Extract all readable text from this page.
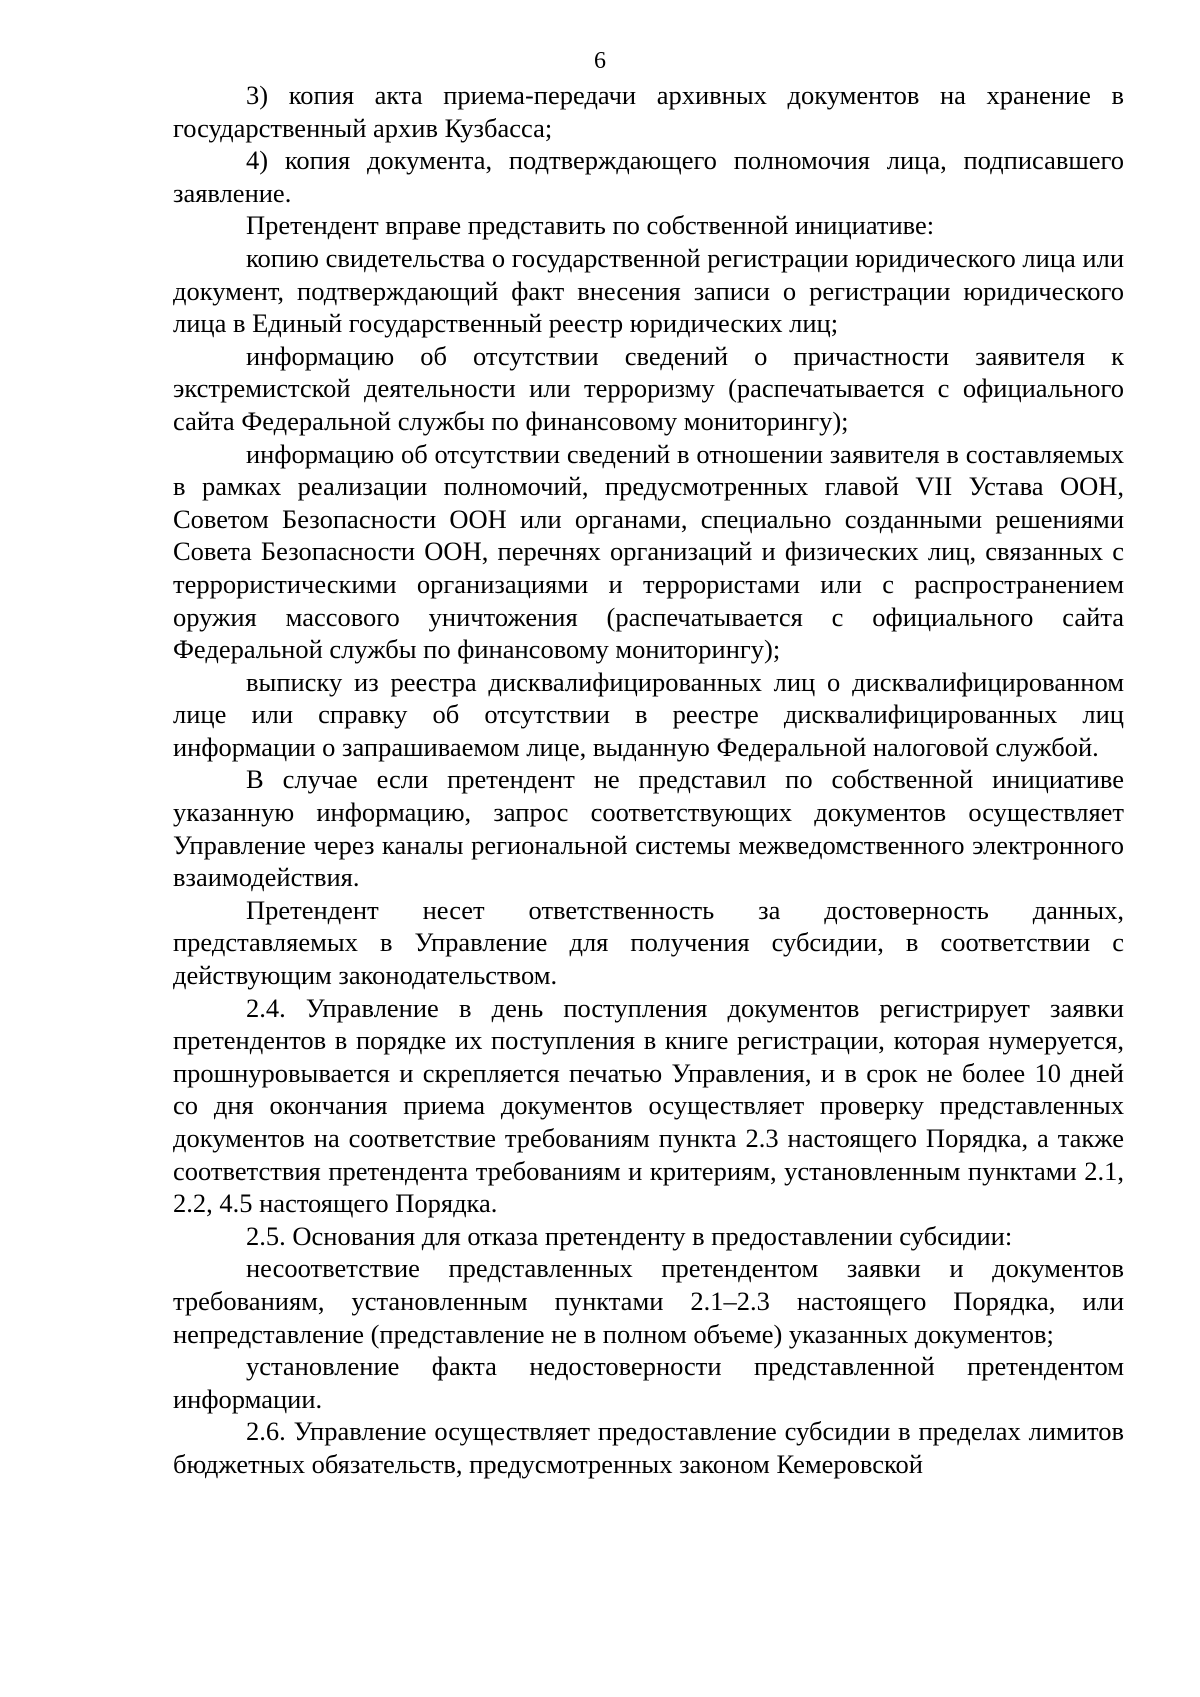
6

3) копия акта приема-передачи архивных документов на хранение в государственный архив Кузбасса;

4) копия документа, подтверждающего полномочия лица, подписавшего заявление.

Претендент вправе представить по собственной инициативе:

копию свидетельства о государственной регистрации юридического лица или документ, подтверждающий факт внесения записи о регистрации юридического лица в Единый государственный реестр юридических лиц;

информацию об отсутствии сведений о причастности заявителя к экстремистской деятельности или терроризму (распечатывается с официального сайта Федеральной службы по финансовому мониторингу);

информацию об отсутствии сведений в отношении заявителя в составляемых в рамках реализации полномочий, предусмотренных главой VII Устава ООН, Советом Безопасности ООН или органами, специально созданными решениями Совета Безопасности ООН, перечнях организаций и физических лиц, связанных с террористическими организациями и террористами или с распространением оружия массового уничтожения (распечатывается с официального сайта Федеральной службы по финансовому мониторингу);

выписку из реестра дисквалифицированных лиц о дисквалифицированном лице или справку об отсутствии в реестре дисквалифицированных лиц информации о запрашиваемом лице, выданную Федеральной налоговой службой.

В случае если претендент не представил по собственной инициативе указанную информацию, запрос соответствующих документов осуществляет Управление через каналы региональной системы межведомственного электронного взаимодействия.

Претендент несет ответственность за достоверность данных, представляемых в Управление для получения субсидии, в соответствии с действующим законодательством.

2.4. Управление в день поступления документов регистрирует заявки претендентов в порядке их поступления в книге регистрации, которая нумеруется, прошнуровывается и скрепляется печатью Управления, и в срок не более 10 дней со дня окончания приема документов осуществляет проверку представленных документов на соответствие требованиям пункта 2.3 настоящего Порядка, а также соответствия претендента требованиям и критериям, установленным пунктами 2.1, 2.2, 4.5 настоящего Порядка.

2.5. Основания для отказа претенденту в предоставлении субсидии:

несоответствие представленных претендентом заявки и документов требованиям, установленным пунктами 2.1–2.3 настоящего Порядка, или непредставление (представление не в полном объеме) указанных документов;

установление факта недостоверности представленной претендентом информации.

2.6. Управление осуществляет предоставление субсидии в пределах лимитов бюджетных обязательств, предусмотренных законом Кемеровской
